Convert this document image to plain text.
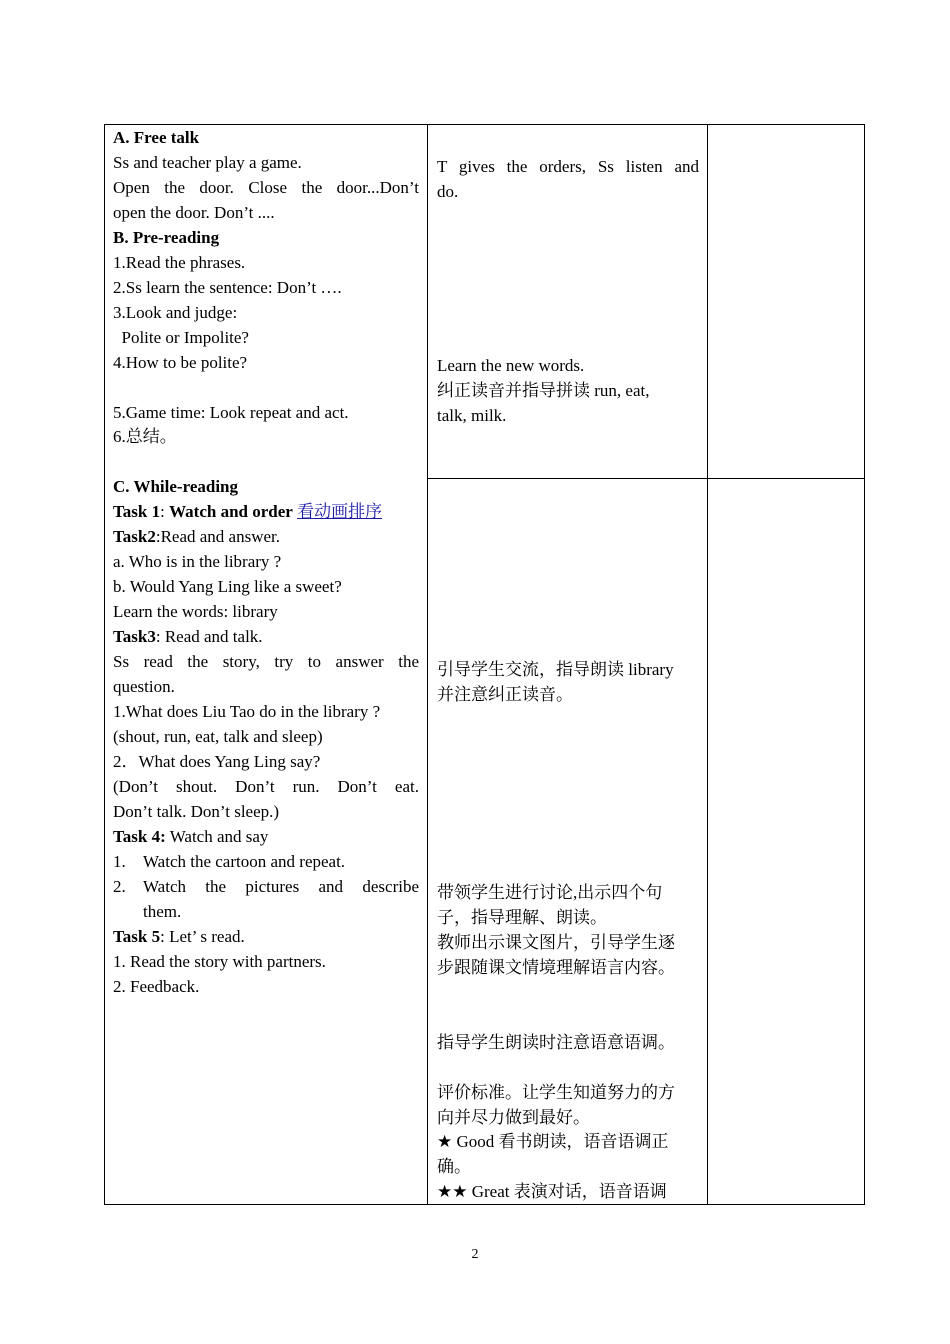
A. Free talk
Ss and teacher play a game.
Open the door. Close the door...Don’t
open the door. Don’t ....
B. Pre-reading
1.Read the phrases.
2.Ss learn the sentence: Don’t ….
3.Look and judge:
Polite or Impolite?
4.How to be polite?
5.Game time: Look repeat and act.
6.总结。
C. While-reading
Task 1: Watch and order 看动画排序
Task2:Read and answer.
a. Who is in the library ?
b. Would Yang Ling like a sweet?
Learn the words: library
Task3: Read and talk.
Ss read the story, try to answer the
question.
1.What does Liu Tao do in the library ?
(shout, run, eat, talk and sleep)
2．What does Yang Ling say?
(Don’t shout. Don’t run. Don’t eat.
Don’t talk. Don’t sleep.)
Task 4: Watch and say
1. Watch the cartoon and repeat.
2. Watch the pictures and describe
them.
Task 5: Let’ s read.
1. Read the story with partners.
2. Feedback.
T gives the orders, Ss listen and
do.
Learn the new words.
纠正读音并指导拼读 run, eat,
talk, milk.
引导学生交流，指导朗读 library
并注意纠正读音。
带领学生进行讨论,出示四个句
子，指导理解、朗读。
教师出示课文图片，引导学生逐
步跟随课文情境理解语言内容。
指导学生朗读时注意语意语调。
评价标准。让学生知道努力的方
向并尽力做到最好。
★ Good 看书朗读，语音语调正
确。
★★ Great 表演对话，语音语调
2
